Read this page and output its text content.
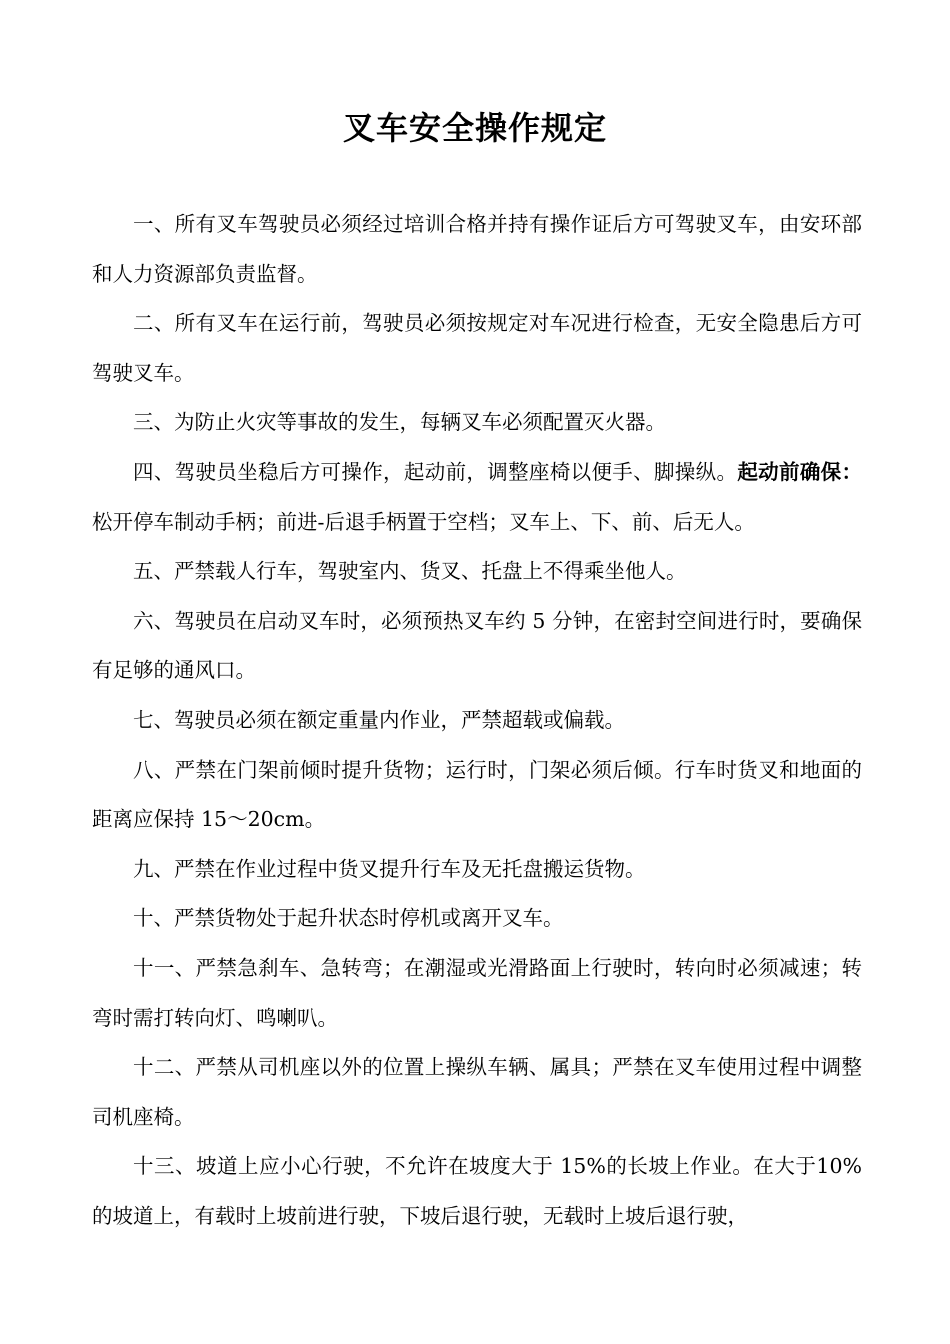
叉车安全操作规定

一、所有叉车驾驶员必须经过培训合格并持有操作证后方可驾驶叉车，由安环部和人力资源部负责监督。

二、所有叉车在运行前，驾驶员必须按规定对车况进行检查，无安全隐患后方可驾驶叉车。

三、为防止火灾等事故的发生，每辆叉车必须配置灭火器。

四、驾驶员坐稳后方可操作，起动前，调整座椅以便手、脚操纵。起动前确保：松开停车制动手柄；前进-后退手柄置于空档；叉车上、下、前、后无人。

五、严禁载人行车，驾驶室内、货叉、托盘上不得乘坐他人。

六、驾驶员在启动叉车时，必须预热叉车约 5 分钟，在密封空间进行时，要确保有足够的通风口。

七、驾驶员必须在额定重量内作业，严禁超载或偏载。

八、严禁在门架前倾时提升货物；运行时，门架必须后倾。行车时货叉和地面的距离应保持 15～20cm。

九、严禁在作业过程中货叉提升行车及无托盘搬运货物。

十、严禁货物处于起升状态时停机或离开叉车。

十一、严禁急刹车、急转弯；在潮湿或光滑路面上行驶时，转向时必须减速；转弯时需打转向灯、鸣喇叭。

十二、严禁从司机座以外的位置上操纵车辆、属具；严禁在叉车使用过程中调整司机座椅。

十三、坡道上应小心行驶，不允许在坡度大于 15%的长坡上作业。在大于10%的坡道上，有载时上坡前进行驶，下坡后退行驶，无载时上坡后退行驶，
